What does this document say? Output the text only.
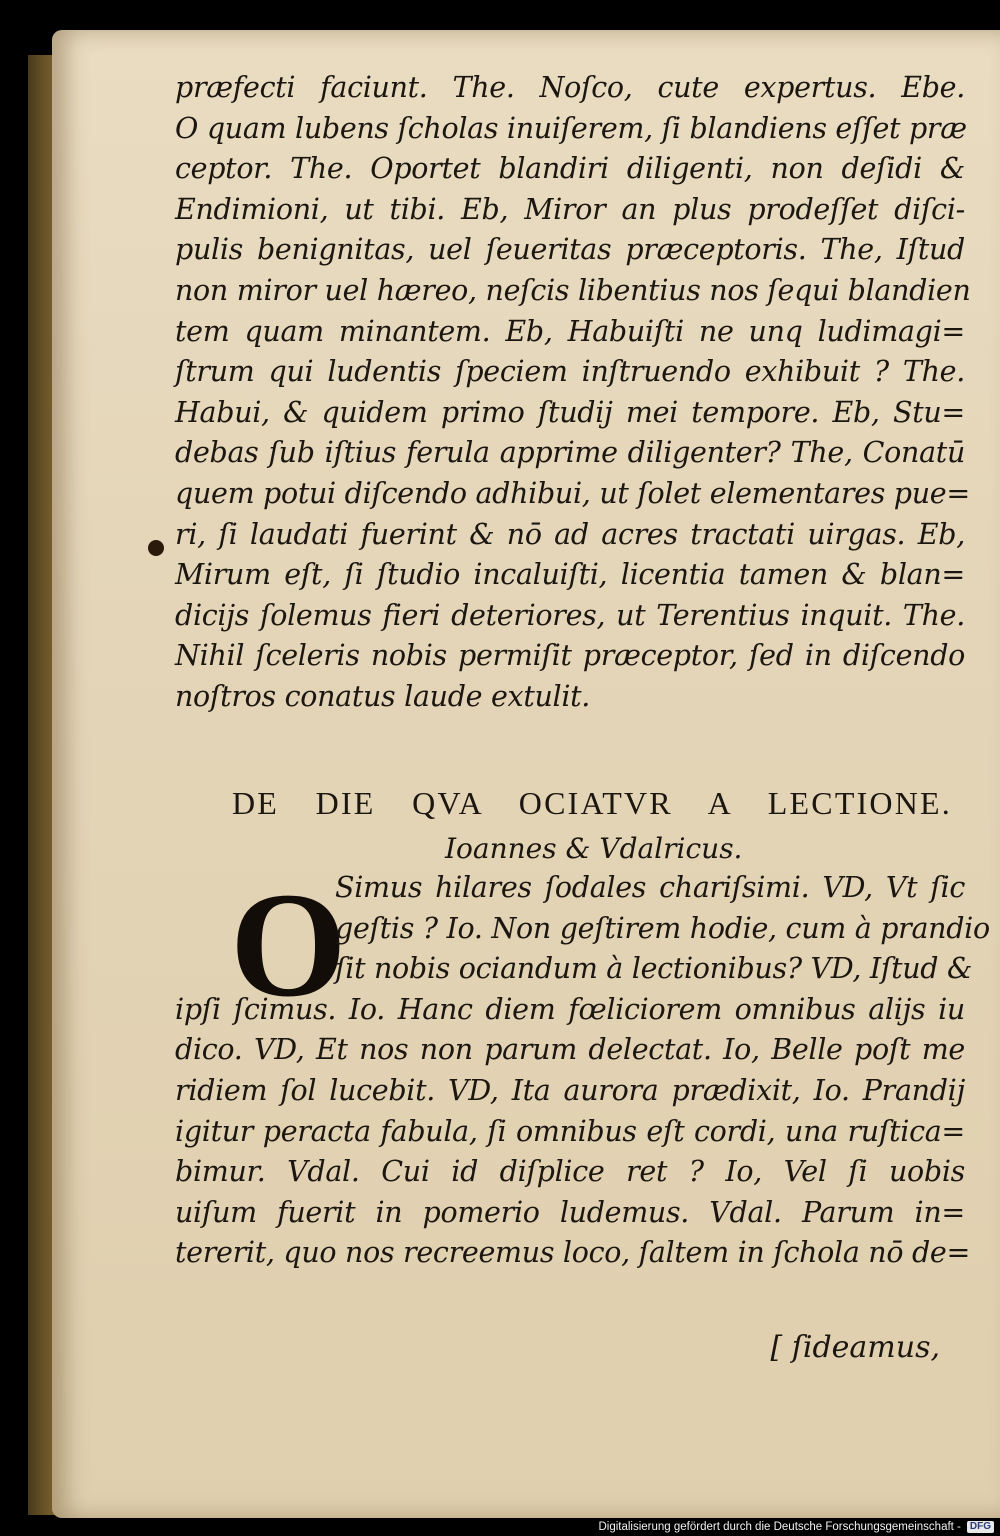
præfecti faciunt. The. Noſco, cute expertus. Ebe.
O quam lubens ſcholas inuiſerem, ſi blandiens eſſet præ
ceptor. The. Oportet blandiri diligenti, non deſidi &
Endimioni, ut tibi. Eb, Miror an plus prodeſſet diſci-
pulis benignitas, uel ſeueritas præceptoris. The, Iſtud
non miror uel hæreo, neſcis libentius nos ſequi blandien
tem quam minantem. Eb, Habuiſti ne unq ludimagi=
ſtrum qui ludentis ſpeciem inſtruendo exhibuit ? The.
Habui, & quidem primo ſtudij mei tempore. Eb, Stu=
debas ſub iſtius ferula apprime diligenter? The, Conatū
quem potui diſcendo adhibui, ut ſolet elementares pue=
ri, ſi laudati fuerint & nō ad acres tractati uirgas. Eb,
Mirum eſt, ſi ſtudio incaluiſti, licentia tamen & blan=
dicijs ſolemus fieri deteriores, ut Terentius inquit. The.
Nihil ſceleris nobis permiſit præceptor, ſed in diſcendo
noſtros conatus laude extulit.
DE DIE QVA OCIATVR A LECTIONE.
Ioannes & Vdalricus.
O
Simus hilares ſodales chariſsimi. VD, Vt ſic
geſtis ? Io. Non geſtirem hodie, cum à prandio
ſit nobis ociandum à lectionibus? VD, Iſtud &
ipſi ſcimus. Io. Hanc diem fœliciorem omnibus alijs iu
dico. VD, Et nos non parum delectat. Io, Belle poſt me
ridiem ſol lucebit. VD, Ita aurora prædixit, Io. Prandij
igitur peracta fabula, ſi omnibus eſt cordi, una ruſtica=
bimur. Vdal. Cui id diſplice ret ? Io, Vel ſi uobis
uiſum fuerit in pomerio ludemus. Vdal. Parum in=
tererit, quo nos recreemus loco, ſaltem in ſchola nō de=
[ ſideamus,
Digitalisierung gefördert durch die Deutsche Forschungsgemeinschaft - DFG
